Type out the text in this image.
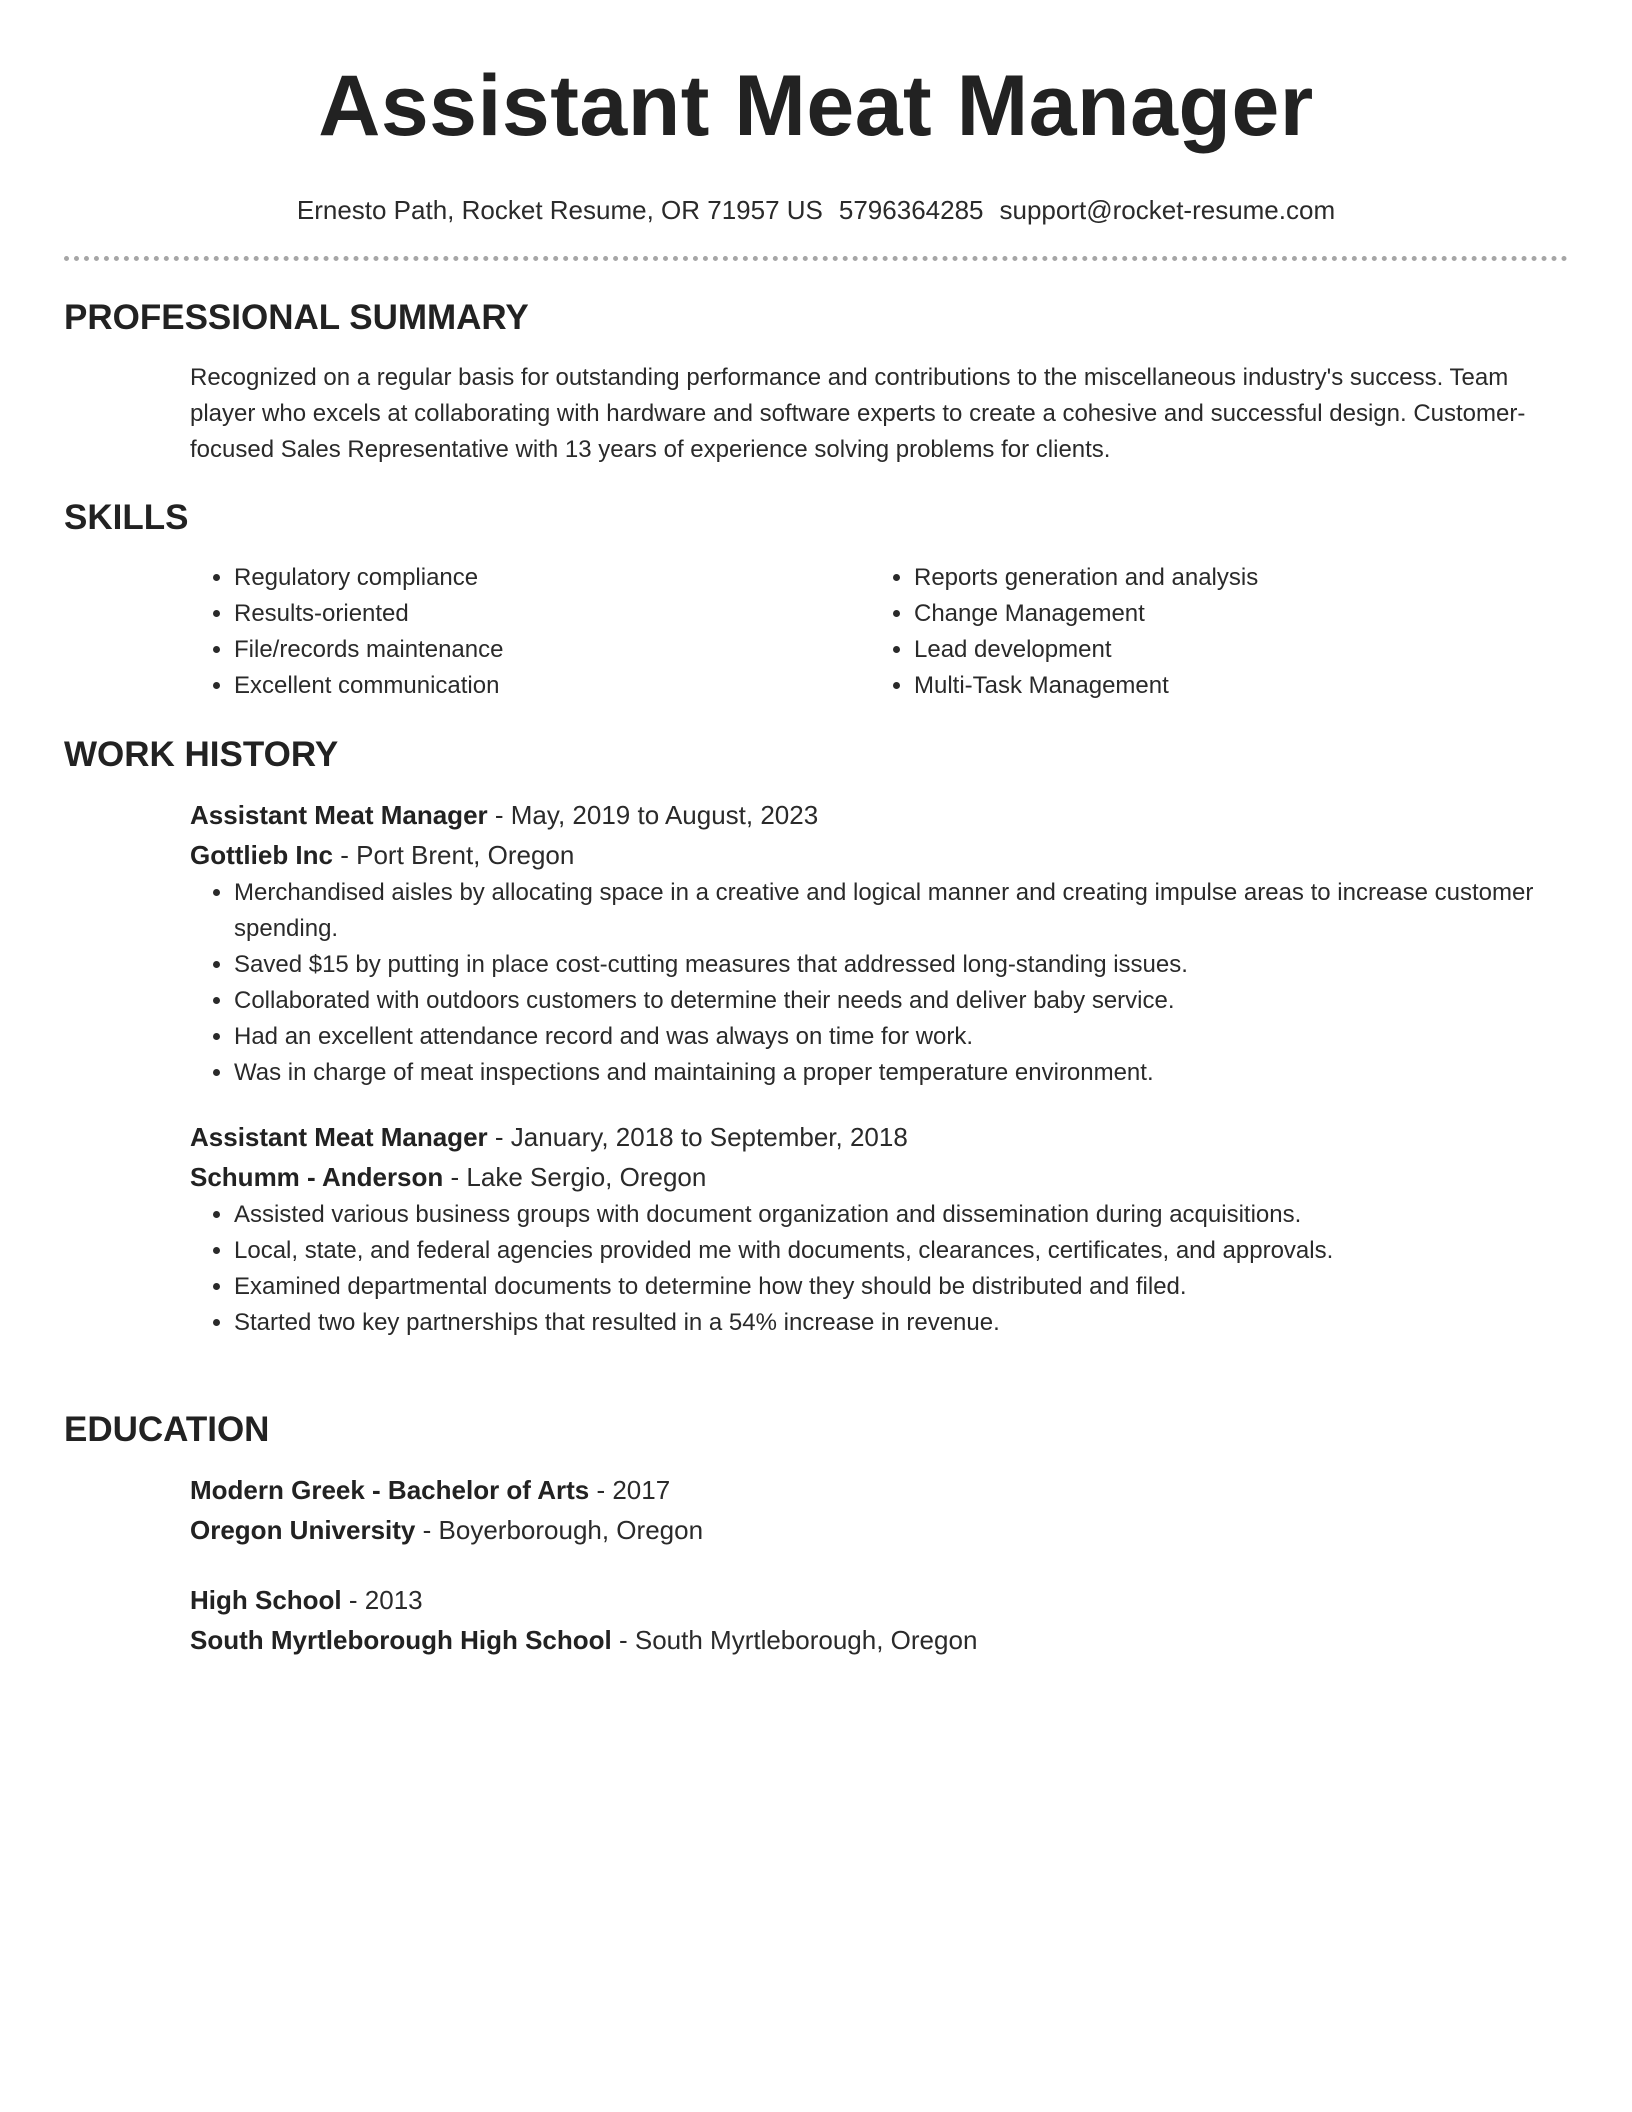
Assistant Meat Manager
Ernesto Path, Rocket Resume, OR 71957 US 5796364285 support@rocket-resume.com
PROFESSIONAL SUMMARY
Recognized on a regular basis for outstanding performance and contributions to the miscellaneous industry's success. Team player who excels at collaborating with hardware and software experts to create a cohesive and successful design. Customer-focused Sales Representative with 13 years of experience solving problems for clients.
SKILLS
• Regulatory compliance
• Results-oriented
• File/records maintenance
• Excellent communication
• Reports generation and analysis
• Change Management
• Lead development
• Multi-Task Management
WORK HISTORY
Assistant Meat Manager - May, 2019 to August, 2023
Gottlieb Inc - Port Brent, Oregon
• Merchandised aisles by allocating space in a creative and logical manner and creating impulse areas to increase customer spending.
• Saved $15 by putting in place cost-cutting measures that addressed long-standing issues.
• Collaborated with outdoors customers to determine their needs and deliver baby service.
• Had an excellent attendance record and was always on time for work.
• Was in charge of meat inspections and maintaining a proper temperature environment.
Assistant Meat Manager - January, 2018 to September, 2018
Schumm - Anderson - Lake Sergio, Oregon
• Assisted various business groups with document organization and dissemination during acquisitions.
• Local, state, and federal agencies provided me with documents, clearances, certificates, and approvals.
• Examined departmental documents to determine how they should be distributed and filed.
• Started two key partnerships that resulted in a 54% increase in revenue.
EDUCATION
Modern Greek - Bachelor of Arts - 2017
Oregon University - Boyerborough, Oregon
High School - 2013
South Myrtleborough High School - South Myrtleborough, Oregon
